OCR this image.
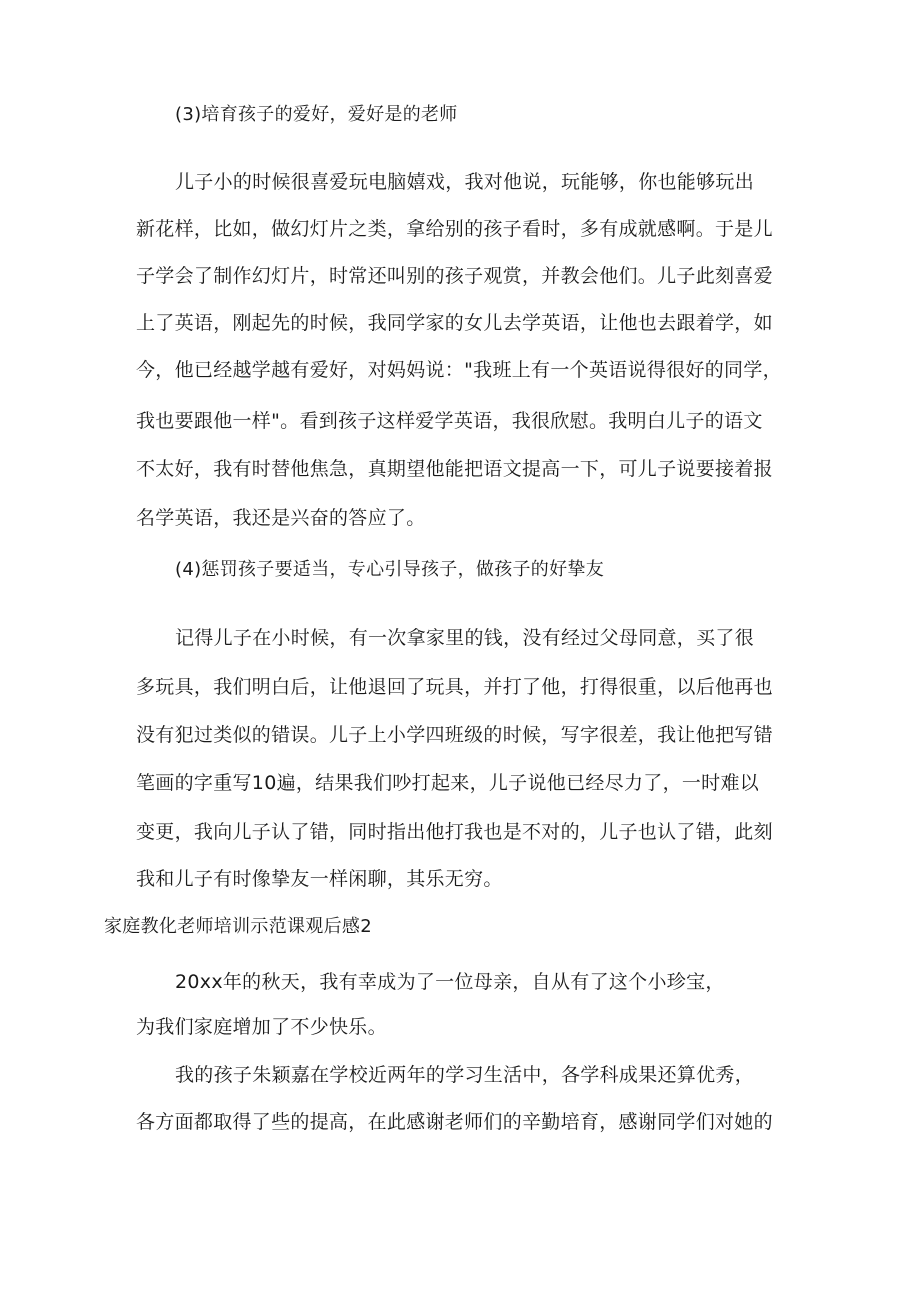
(3)培育孩子的爱好，爱好是的老师
儿子小的时候很喜爱玩电脑嬉戏，我对他说，玩能够，你也能够玩出
新花样，比如，做幻灯片之类，拿给别的孩子看时，多有成就感啊。于是儿
子学会了制作幻灯片，时常还叫别的孩子观赏，并教会他们。儿子此刻喜爱
上了英语，刚起先的时候，我同学家的女儿去学英语，让他也去跟着学，如
今，他已经越学越有爱好，对妈妈说："我班上有一个英语说得很好的同学，
我也要跟他一样"。看到孩子这样爱学英语，我很欣慰。我明白儿子的语文
不太好，我有时替他焦急，真期望他能把语文提高一下，可儿子说要接着报
名学英语，我还是兴奋的答应了。
(4)惩罚孩子要适当，专心引导孩子，做孩子的好挚友
记得儿子在小时候，有一次拿家里的钱，没有经过父母同意，买了很
多玩具，我们明白后，让他退回了玩具，并打了他，打得很重，以后他再也
没有犯过类似的错误。儿子上小学四班级的时候，写字很差，我让他把写错
笔画的字重写10遍，结果我们吵打起来，儿子说他已经尽力了，一时难以
变更，我向儿子认了错，同时指出他打我也是不对的，儿子也认了错，此刻
我和儿子有时像挚友一样闲聊，其乐无穷。
家庭教化老师培训示范课观后感2
20xx年的秋天，我有幸成为了一位母亲，自从有了这个小珍宝，
为我们家庭增加了不少快乐。
我的孩子朱颖嘉在学校近两年的学习生活中，各学科成果还算优秀，
各方面都取得了些的提高，在此感谢老师们的辛勤培育，感谢同学们对她的
